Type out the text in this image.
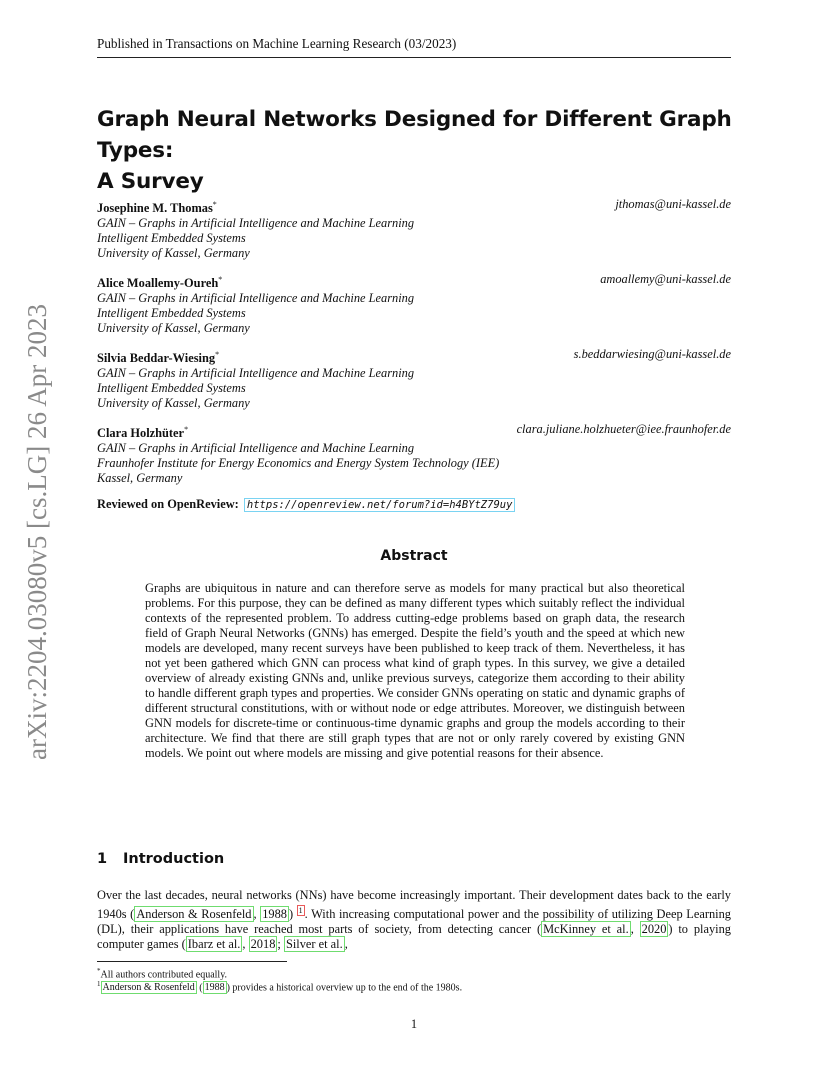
Published in Transactions on Machine Learning Research (03/2023)
arXiv:2204.03080v5 [cs.LG] 26 Apr 2023
Graph Neural Networks Designed for Different Graph Types:
A Survey
Josephine M. Thomas*	jthomas@uni-kassel.de
GAIN – Graphs in Artificial Intelligence and Machine Learning
Intelligent Embedded Systems
University of Kassel, Germany
Alice Moallemy-Oureh*	amoallemy@uni-kassel.de
GAIN – Graphs in Artificial Intelligence and Machine Learning
Intelligent Embedded Systems
University of Kassel, Germany
Silvia Beddar-Wiesing*	s.beddarwiesing@uni-kassel.de
GAIN – Graphs in Artificial Intelligence and Machine Learning
Intelligent Embedded Systems
University of Kassel, Germany
Clara Holzhüter*	clara.juliane.holzhueter@iee.fraunhofer.de
GAIN – Graphs in Artificial Intelligence and Machine Learning
Fraunhofer Institute for Energy Economics and Energy System Technology (IEE)
Kassel, Germany
Reviewed on OpenReview: https://openreview.net/forum?id=h4BYtZ79uy
Abstract
Graphs are ubiquitous in nature and can therefore serve as models for many practical but also theoretical problems. For this purpose, they can be defined as many different types which suitably reflect the individual contexts of the represented problem. To address cutting-edge problems based on graph data, the research field of Graph Neural Networks (GNNs) has emerged. Despite the field’s youth and the speed at which new models are developed, many recent surveys have been published to keep track of them. Nevertheless, it has not yet been gathered which GNN can process what kind of graph types. In this survey, we give a detailed overview of already existing GNNs and, unlike previous surveys, categorize them according to their ability to handle different graph types and properties. We consider GNNs operating on static and dynamic graphs of different structural constitutions, with or without node or edge attributes. Moreover, we distinguish between GNN models for discrete-time or continuous-time dynamic graphs and group the models according to their architecture. We find that there are still graph types that are not or only rarely covered by existing GNN models. We point out where models are missing and give potential reasons for their absence.
1 Introduction
Over the last decades, neural networks (NNs) have become increasingly important. Their development dates back to the early 1940s ( Anderson & Rosenfeld , 1988 ) $^1$ . With increasing computational power and the possibility of utilizing Deep Learning (DL), their applications have reached most parts of society, from detecting cancer ( McKinney et al. , 2020 ) to playing computer games ( Ibarz et al. , 2018 ; Silver et al. ,
*All authors contributed equally.
$^1$ Anderson & Rosenfeld ( 1988 ) provides a historical overview up to the end of the 1980s.
1
